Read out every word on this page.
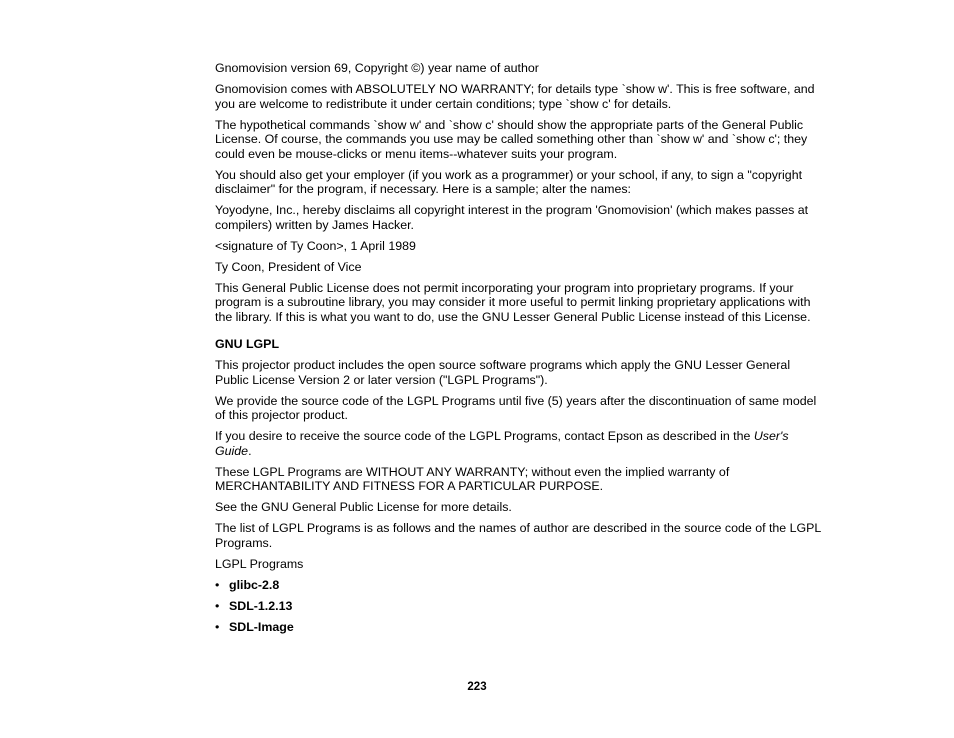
Gnomovision version 69, Copyright ©) year name of author

Gnomovision comes with ABSOLUTELY NO WARRANTY; for details type `show w'. This is free software, and you are welcome to redistribute it under certain conditions; type `show c' for details.

The hypothetical commands `show w' and `show c' should show the appropriate parts of the General Public License. Of course, the commands you use may be called something other than `show w' and `show c'; they could even be mouse-clicks or menu items--whatever suits your program.

You should also get your employer (if you work as a programmer) or your school, if any, to sign a "copyright disclaimer" for the program, if necessary. Here is a sample; alter the names:

Yoyodyne, Inc., hereby disclaims all copyright interest in the program 'Gnomovision' (which makes passes at compilers) written by James Hacker.

<signature of Ty Coon>, 1 April 1989

Ty Coon, President of Vice

This General Public License does not permit incorporating your program into proprietary programs. If your program is a subroutine library, you may consider it more useful to permit linking proprietary applications with the library. If this is what you want to do, use the GNU Lesser General Public License instead of this License.

GNU LGPL

This projector product includes the open source software programs which apply the GNU Lesser General Public License Version 2 or later version ("LGPL Programs").

We provide the source code of the LGPL Programs until five (5) years after the discontinuation of same model of this projector product.

If you desire to receive the source code of the LGPL Programs, contact Epson as described in the User's Guide.

These LGPL Programs are WITHOUT ANY WARRANTY; without even the implied warranty of MERCHANTABILITY AND FITNESS FOR A PARTICULAR PURPOSE.

See the GNU General Public License for more details.

The list of LGPL Programs is as follows and the names of author are described in the source code of the LGPL Programs.

LGPL Programs

• glibc-2.8
• SDL-1.2.13
• SDL-Image
223
